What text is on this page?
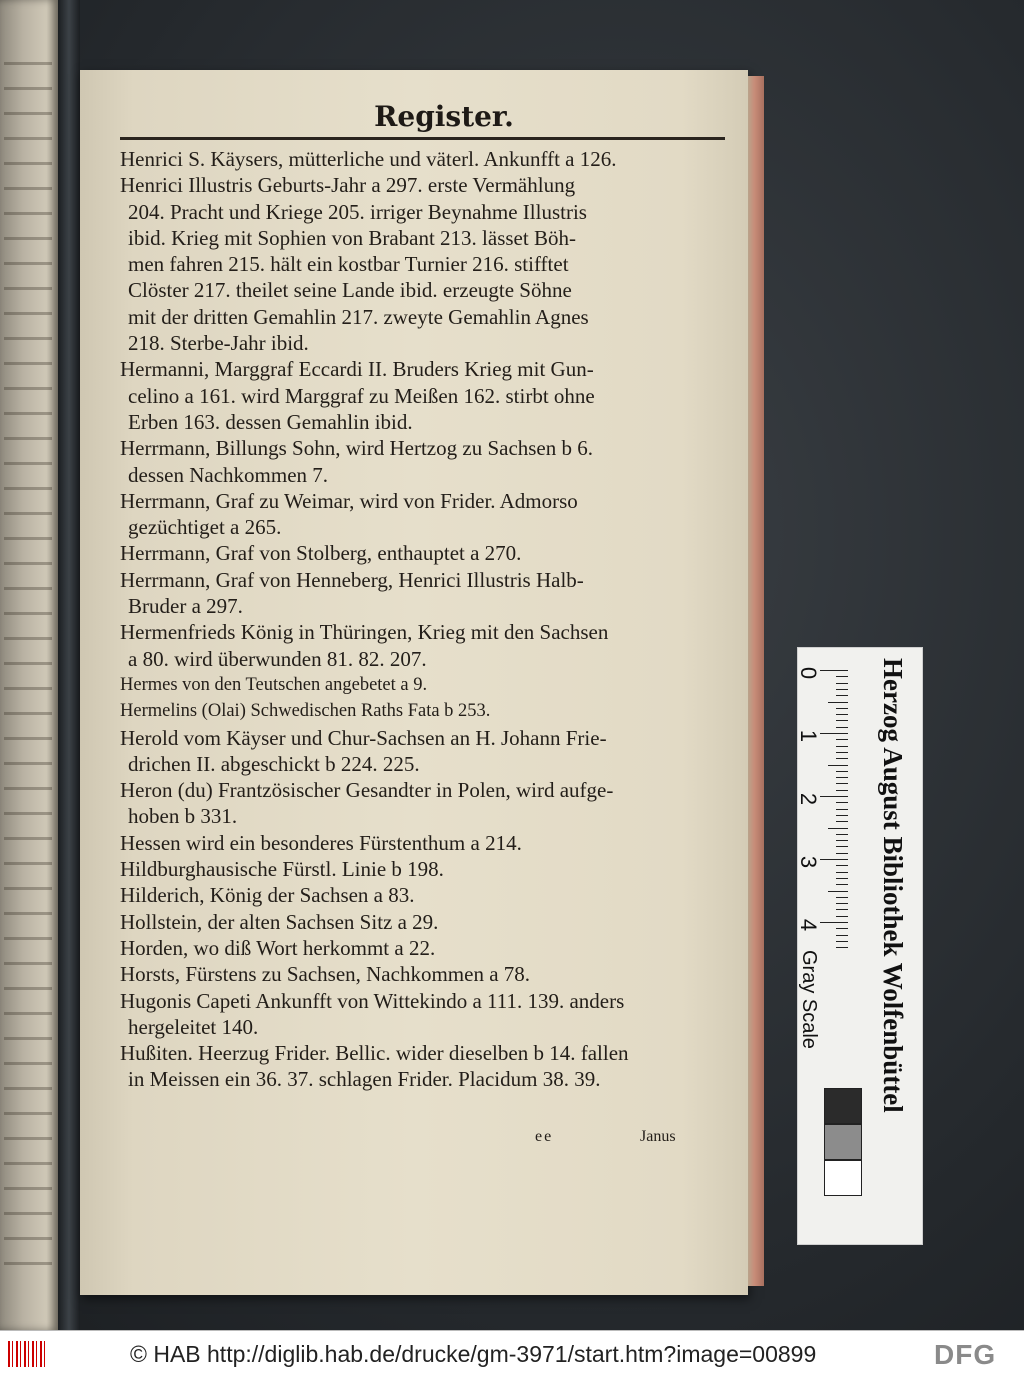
Register.
Henrici S. Käysers, mütterliche und väterl. Ankunfft a 126.
Henrici Illustris Geburts-Jahr a 297. erste Vermählung
204. Pracht und Kriege 205. irriger Beynahme Illustris
ibid. Krieg mit Sophien von Brabant 213. lässet Böh-
men fahren 215. hält ein kostbar Turnier 216. stifftet
Clöster 217. theilet seine Lande ibid. erzeugte Söhne
mit der dritten Gemahlin 217. zweyte Gemahlin Agnes
218. Sterbe-Jahr ibid.
Hermanni, Marggraf Eccardi II. Bruders Krieg mit Gun-
celino a 161. wird Marggraf zu Meißen 162. stirbt ohne
Erben 163. dessen Gemahlin ibid.
Herrmann, Billungs Sohn, wird Hertzog zu Sachsen b 6.
dessen Nachkommen 7.
Herrmann, Graf zu Weimar, wird von Frider. Admorso
gezüchtiget a 265.
Herrmann, Graf von Stolberg, enthauptet a 270.
Herrmann, Graf von Henneberg, Henrici Illustris Halb-
Bruder a 297.
Hermenfrieds König in Thüringen, Krieg mit den Sachsen
a 80. wird überwunden 81. 82. 207.
Hermes von den Teutschen angebetet a 9.
Hermelins (Olai) Schwedischen Raths Fata b 253.
Herold vom Käyser und Chur-Sachsen an H. Johann Frie-
drichen II. abgeschickt b 224. 225.
Heron (du) Frantzösischer Gesandter in Polen, wird aufge-
hoben b 331.
Hessen wird ein besonderes Fürstenthum a 214.
Hildburghausische Fürstl. Linie b 198.
Hilderich, König der Sachsen a 83.
Hollstein, der alten Sachsen Sitz a 29.
Horden, wo diß Wort herkommt a 22.
Horsts, Fürstens zu Sachsen, Nachkommen a 78.
Hugonis Capeti Ankunfft von Wittekindo a 111. 139. anders
hergeleitet 140.
Hußiten. Heerzug Frider. Bellic. wider dieselben b 14. fallen
in Meissen ein 36. 37. schlagen Frider. Placidum 38. 39.
ee	Janus
0
1
2
3
4 Herzog August Bibliothek Wolfenbüttel
Gray Scale
© HAB http://diglib.hab.de/drucke/gm-3971/start.htm?image=00899	DFG
